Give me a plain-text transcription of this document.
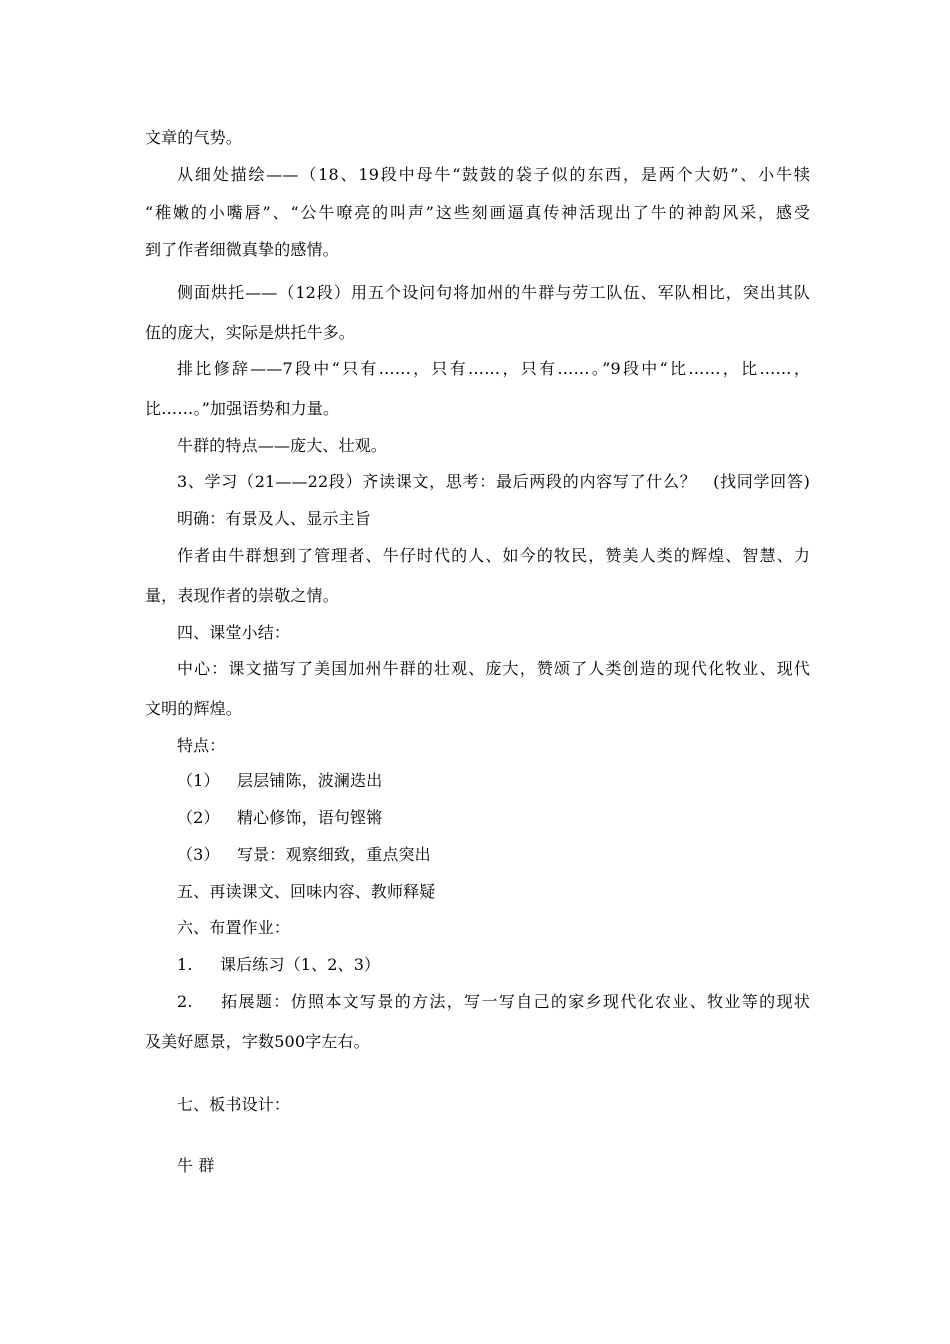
文章的气势。
从细处描绘——（18、19段中母牛“鼓鼓的袋子似的东西，是两个大奶”、小牛犊
“稚嫩的小嘴唇”、“公牛嘹亮的叫声”这些刻画逼真传神活现出了牛的神韵风采，感受
到了作者细微真挚的感情。
侧面烘托——（12段）用五个设问句将加州的牛群与劳工队伍、军队相比，突出其队
伍的庞大，实际是烘托牛多。
排比修辞——7段中“只有……，只有……，只有……。”9段中“比……，比……，
比……。”加强语势和力量。
牛群的特点——庞大、壮观。
3、学习（21——22段）齐读课文，思考：最后两段的内容写了什么？　(找同学回答)
明确：有景及人、显示主旨
作者由牛群想到了管理者、牛仔时代的人、如今的牧民，赞美人类的辉煌、智慧、力
量，表现作者的崇敬之情。
四、课堂小结：
中心：课文描写了美国加州牛群的壮观、庞大，赞颂了人类创造的现代化牧业、现代
文明的辉煌。
特点：
（1） 层层铺陈，波澜迭出
（2） 精心修饰，语句铿锵
（3） 写景：观察细致，重点突出
五、再读课文、回味内容、教师释疑
六、布置作业：
1. 课后练习（1、2、3）
2. 拓展题：仿照本文写景的方法，写一写自己的家乡现代化农业、牧业等的现状
及美好愿景，字数500字左右。
七、板书设计：
牛 群
